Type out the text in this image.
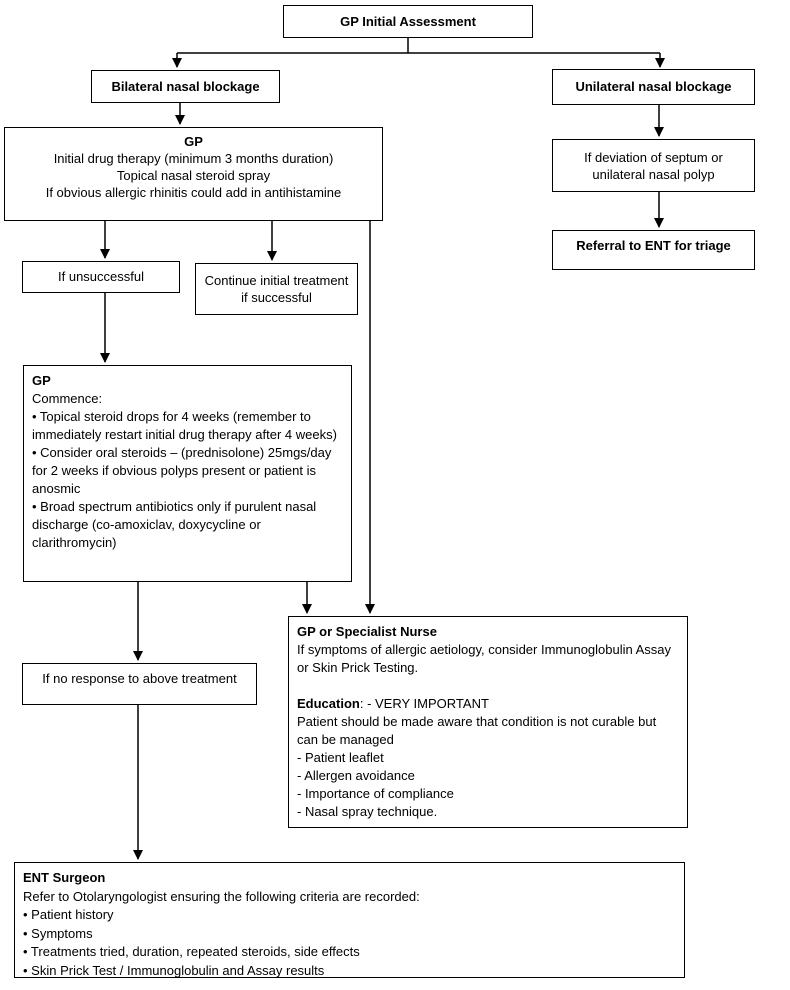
GP Initial Assessment
Bilateral nasal blockage	Unilateral nasal blockage
GP
Initial drug therapy (minimum 3 months duration)
Topical nasal steroid spray
If obvious allergic rhinitis could add in antihistamine
If deviation of septum or unilateral nasal polyp
Referral to ENT for triage
If unsuccessful	Continue initial treatment if successful
GP
Commence:
• Topical steroid drops for 4 weeks (remember to immediately restart initial drug therapy after 4 weeks)
• Consider oral steroids – (prednisolone) 25mgs/day for 2 weeks if obvious polyps present or patient is anosmic
• Broad spectrum antibiotics only if purulent nasal discharge (co-amoxiclav, doxycycline or clarithromycin)
If no response to above treatment
GP or Specialist Nurse
If symptoms of allergic aetiology, consider Immunoglobulin Assay or Skin Prick Testing.
Education: - VERY IMPORTANT
Patient should be made aware that condition is not curable but can be managed
- Patient leaflet
- Allergen avoidance
- Importance of compliance
- Nasal spray technique.
ENT Surgeon
Refer to Otolaryngologist ensuring the following criteria are recorded:
• Patient history
• Symptoms
• Treatments tried, duration, repeated steroids, side effects
• Skin Prick Test / Immunoglobulin and Assay results
